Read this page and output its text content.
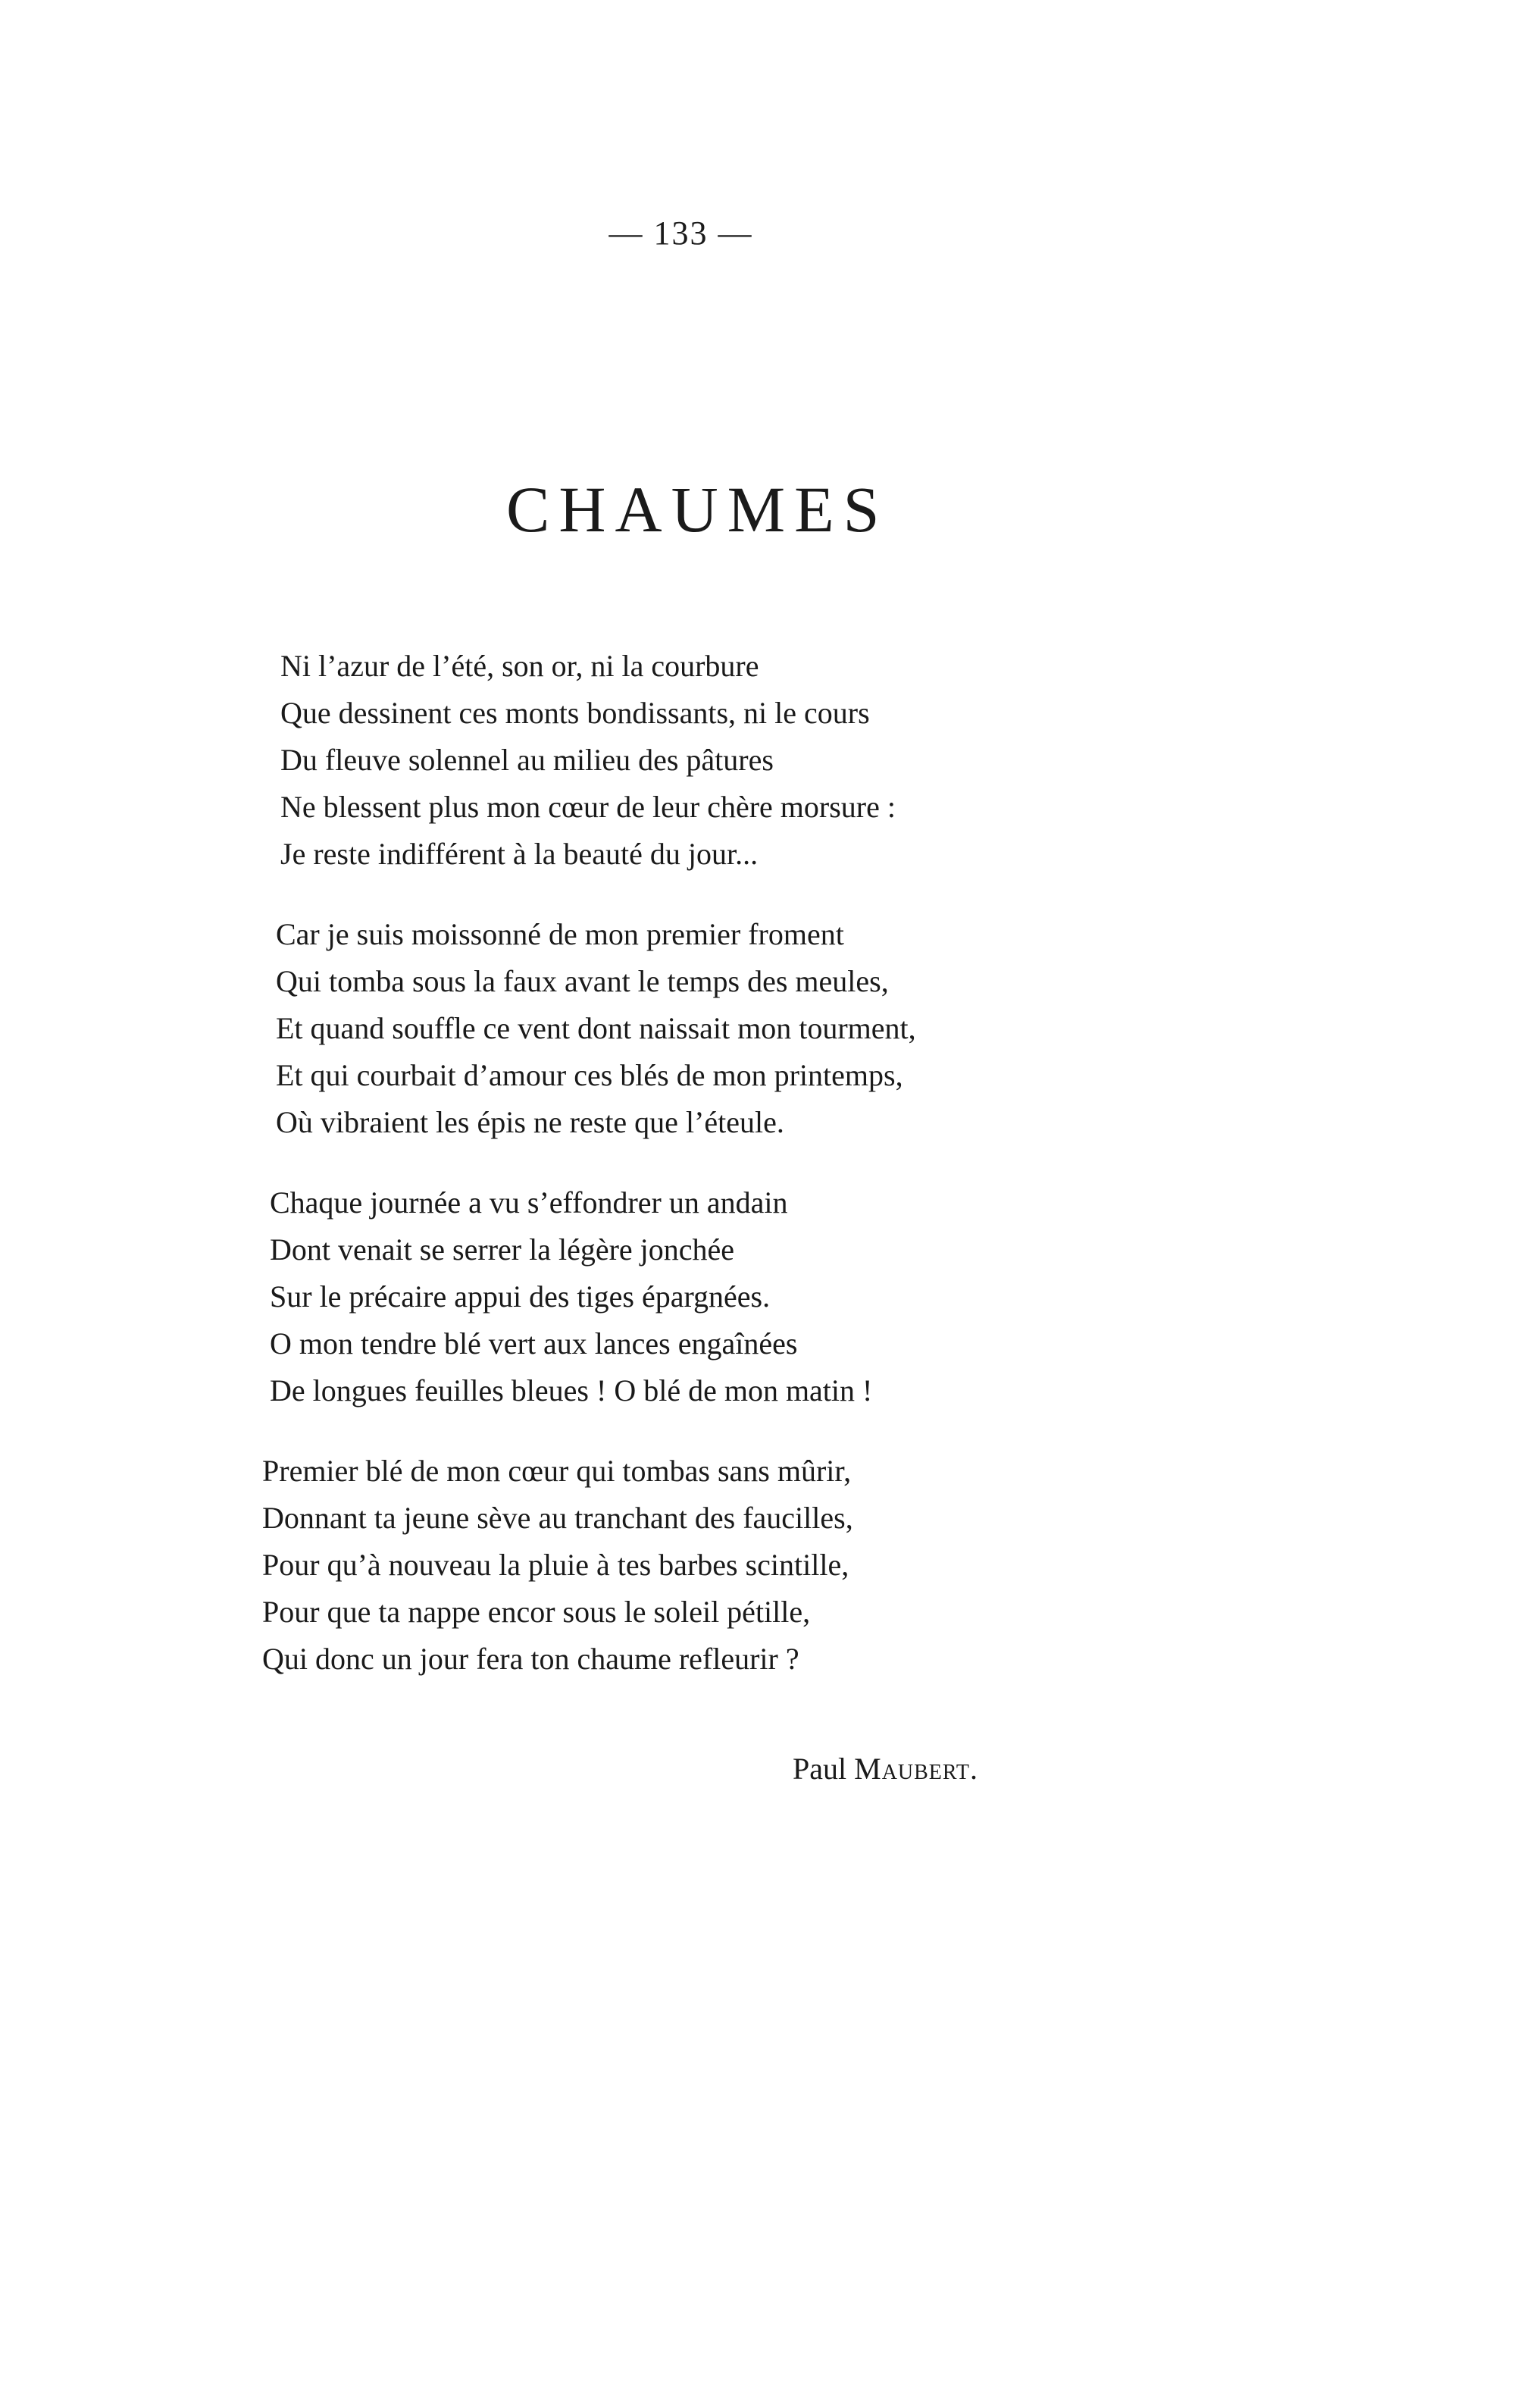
— 133 —
CHAUMES
Ni l’azur de l’été, son or, ni la courbure
Que dessinent ces monts bondissants, ni le cours
Du fleuve solennel au milieu des pâtures
Ne blessent plus mon cœur de leur chère morsure :
Je reste indifférent à la beauté du jour...
Car je suis moissonné de mon premier froment
Qui tomba sous la faux avant le temps des meules,
Et quand souffle ce vent dont naissait mon tourment,
Et qui courbait d’amour ces blés de mon printemps,
Où vibraient les épis ne reste que l’éteule.
Chaque journée a vu s’effondrer un andain
Dont venait se serrer la légère jonchée
Sur le précaire appui des tiges épargnées.
O mon tendre blé vert aux lances engaînées
De longues feuilles bleues ! O blé de mon matin !
Premier blé de mon cœur qui tombas sans mûrir,
Donnant ta jeune sève au tranchant des faucilles,
Pour qu’à nouveau la pluie à tes barbes scintille,
Pour que ta nappe encor sous le soleil pétille,
Qui donc un jour fera ton chaume refleurir ?
Paul Maubert.
